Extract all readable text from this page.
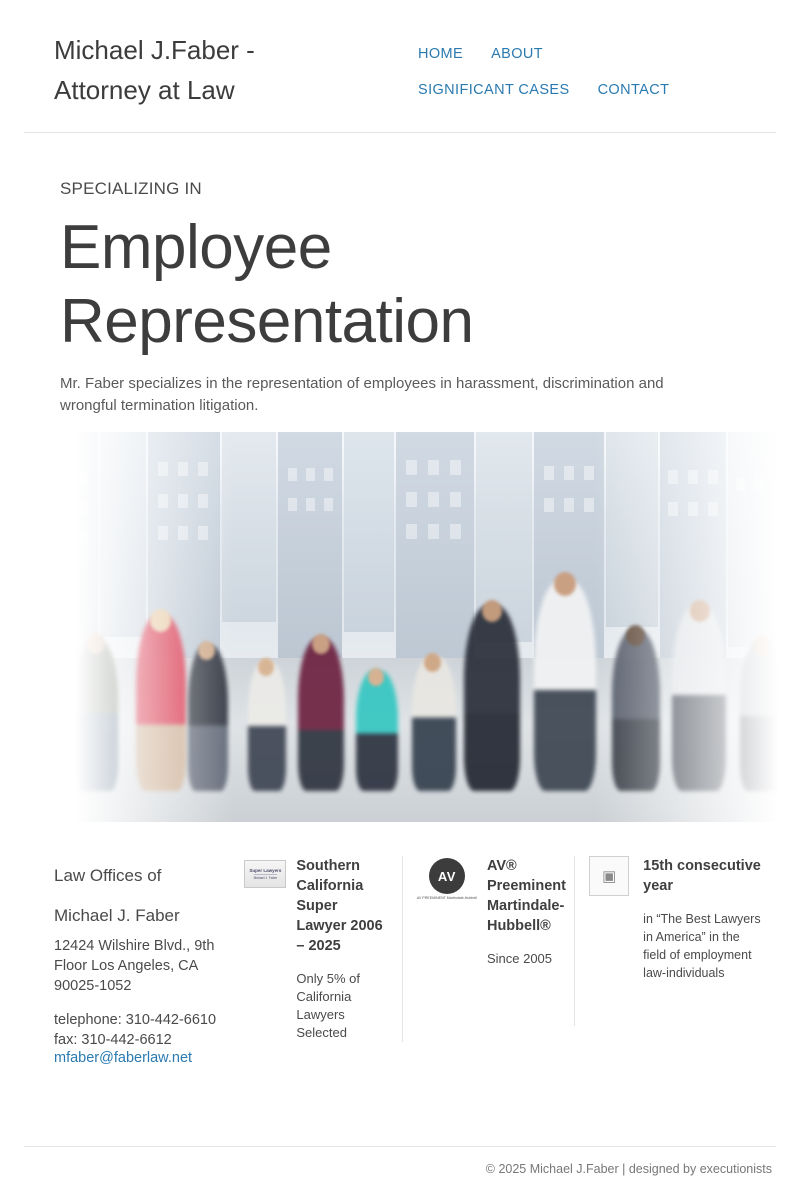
Michael J.Faber -
Attorney at Law
HOME	ABOUT
SIGNIFICANT CASES	CONTACT
SPECIALIZING IN
Employee
Representation

Mr. Faber specializes in the representation of employees in harassment, discrimination and wrongful termination litigation.

Law Offices of
Michael J. Faber
12424 Wilshire Blvd., 9th Floor Los Angeles, CA 90025-1052
telephone: 310-442-6610
fax: 310-442-6612
mfaber@faberlaw.net
Super Lawyers
Michael J. Faber
Southern California Super Lawyer 2006 – 2025
Only 5% of California Lawyers Selected
AV
AV PREEMINENT Martindale-Hubbell
AV® Preeminent Martindale-Hubbell®
Since 2005
▣
15th consecutive year
in “The Best Lawyers in America” in the field of employment law-individuals
© 2025 Michael J.Faber | designed by executionists
